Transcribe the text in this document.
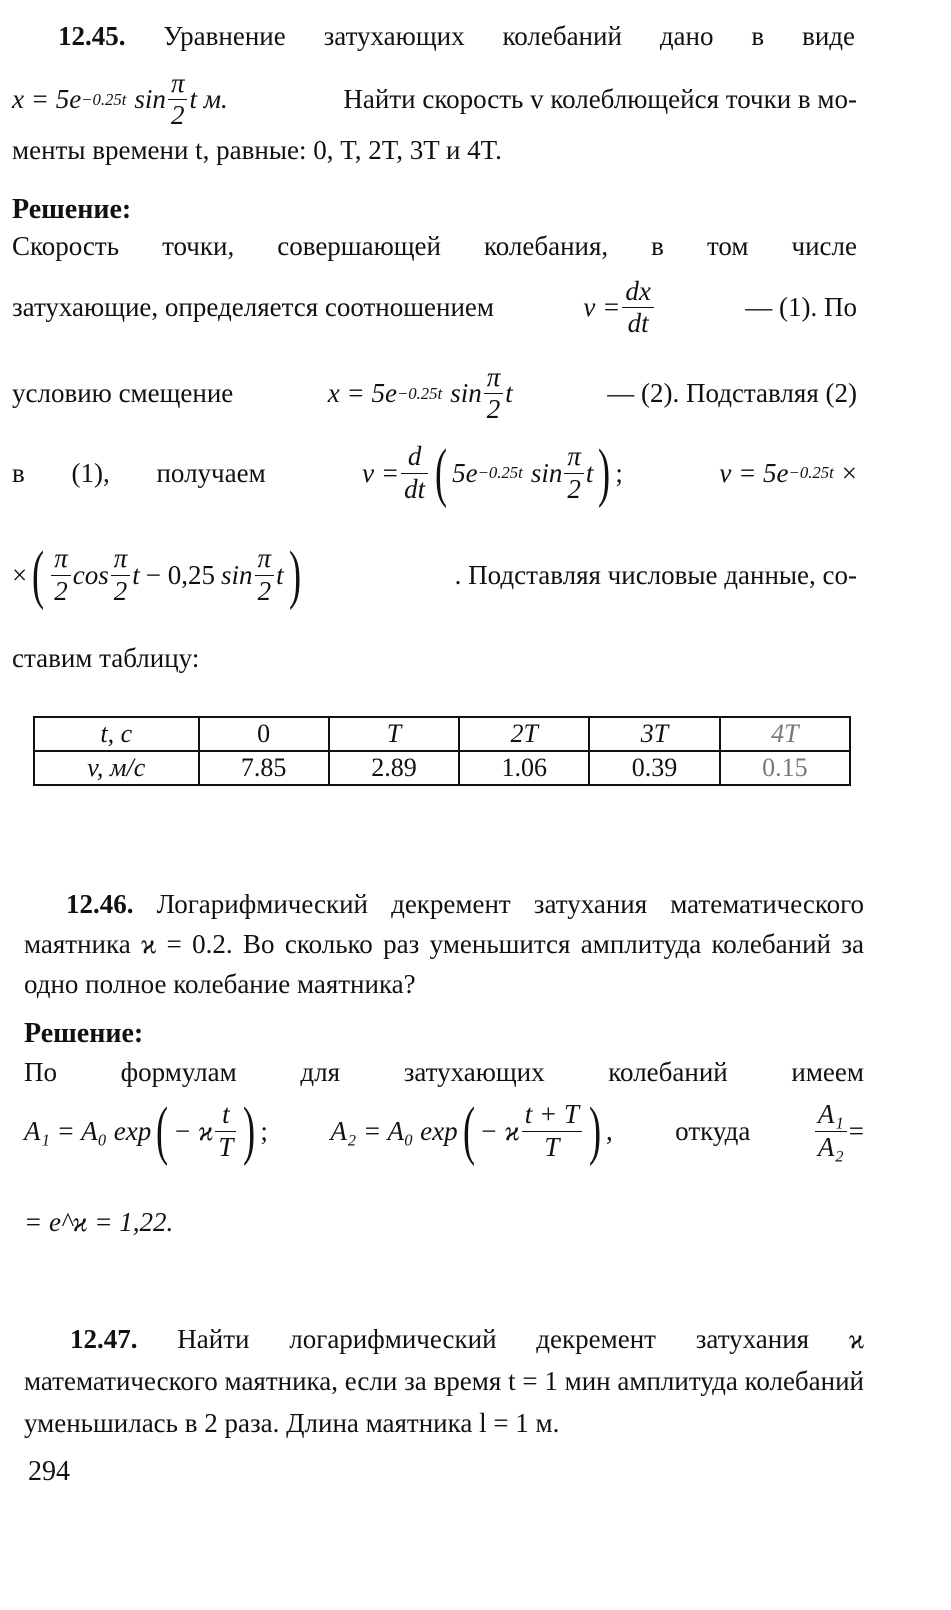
12.45. Уравнение затухающих колебаний дано в виде
x = 5e −0.25t $\sin \frac{\pi}{2}$ t м.	Найти скорость v колеблющейся точки в мо-
менты времени t, равные: 0, T, 2T, 3T и 4T.
Решение:
Скорость точки, совершающей колебания, в том числе
затухающие, определяется соотношением	$v = \frac{dx}{dt}$	— (1). По
условию смещение	x = 5e −0.25t $\sin \frac{\pi}{2}$ t	— (2). Подставляя (2)
в (1), получаем	$v = \frac{d}{dt}$ ( 5e −0.25t $\sin \frac{\pi}{2}$ t ) ;	v = 5e −0.25t ×
× ( $\frac{\pi}{2}$ $\cos \frac{\pi}{2}$ t − 0,25 $\sin \frac{\pi}{2}$ t )	. Подставляя числовые данные, со-
ставим таблицу:
t, с	0	T	2T	3T	4T
v, м/с	7.85	2.89	1.06	0.39	0.15
12.46. Логарифмический декремент затухания математического маятника ϰ = 0.2. Во сколько раз уменьшится амплитуда колебаний за одно полное колебание маятника?
Решение:
По формулам для затухающих колебаний имеем
A₁ = A₀ exp ( − ϰ $\frac{t}{T}$ ) ; A₂ = A₀ exp ( − ϰ $\frac{t + T}{T}$ ) , откуда $\frac{\text{A₁}}{\text{A₂}}$ =
= e^ϰ = 1,22.
12.47. Найти логарифмический декремент затухания ϰ математического маятника, если за время t = 1 мин амплитуда колебаний уменьшилась в 2 раза. Длина маятника l = 1 м.
294
